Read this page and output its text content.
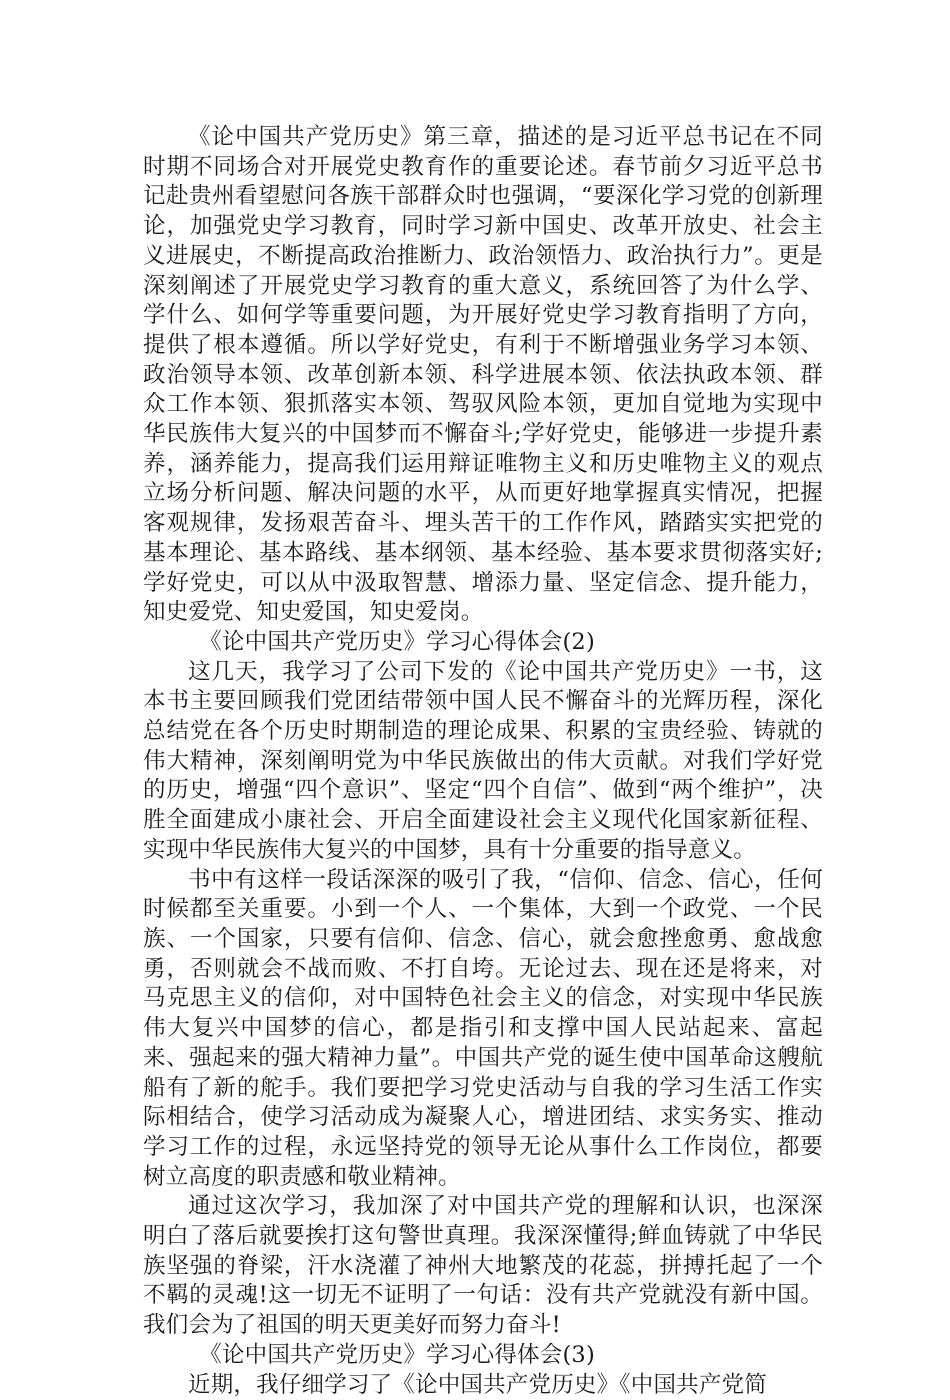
《论中国共产党历史》第三章，描述的是习近平总书记在不同时期不同场合对开展党史教育作的重要论述。春节前夕习近平总书记赴贵州看望慰问各族干部群众时也强调，“要深化学习党的创新理论，加强党史学习教育，同时学习新中国史、改革开放史、社会主义进展史，不断提高政治推断力、政治领悟力、政治执行力”。更是深刻阐述了开展党史学习教育的重大意义，系统回答了为什么学、学什么、如何学等重要问题，为开展好党史学习教育指明了方向，提供了根本遵循。所以学好党史，有利于不断增强业务学习本领、政治领导本领、改革创新本领、科学进展本领、依法执政本领、群众工作本领、狠抓落实本领、驾驭风险本领，更加自觉地为实现中华民族伟大复兴的中国梦而不懈奋斗;学好党史，能够进一步提升素养，涵养能力，提高我们运用辩证唯物主义和历史唯物主义的观点立场分析问题、解决问题的水平，从而更好地掌握真实情况，把握客观规律，发扬艰苦奋斗、埋头苦干的工作作风，踏踏实实把党的基本理论、基本路线、基本纲领、基本经验、基本要求贯彻落实好;学好党史，可以从中汲取智慧、增添力量、坚定信念、提升能力，知史爱党、知史爱国，知史爱岗。

《论中国共产党历史》学习心得体会(2)

这几天，我学习了公司下发的《论中国共产党历史》一书，这本书主要回顾我们党团结带领中国人民不懈奋斗的光辉历程，深化总结党在各个历史时期制造的理论成果、积累的宝贵经验、铸就的伟大精神，深刻阐明党为中华民族做出的伟大贡献。对我们学好党的历史，增强“四个意识”、坚定“四个自信”、做到“两个维护”，决胜全面建成小康社会、开启全面建设社会主义现代化国家新征程、实现中华民族伟大复兴的中国梦，具有十分重要的指导意义。

书中有这样一段话深深的吸引了我，“信仰、信念、信心，任何时候都至关重要。小到一个人、一个集体，大到一个政党、一个民族、一个国家，只要有信仰、信念、信心，就会愈挫愈勇、愈战愈勇，否则就会不战而败、不打自垮。无论过去、现在还是将来，对马克思主义的信仰，对中国特色社会主义的信念，对实现中华民族伟大复兴中国梦的信心，都是指引和支撑中国人民站起来、富起来、强起来的强大精神力量”。中国共产党的诞生使中国革命这艘航船有了新的舵手。我们要把学习党史活动与自我的学习生活工作实际相结合，使学习活动成为凝聚人心，增进团结、求实务实、推动学习工作的过程，永远坚持党的领导无论从事什么工作岗位，都要树立高度的职责感和敬业精神。

通过这次学习，我加深了对中国共产党的理解和认识，也深深明白了落后就要挨打这句警世真理。我深深懂得;鲜血铸就了中华民族坚强的脊梁，汗水浇灌了神州大地繁茂的花蕊，拼搏托起了一个不羁的灵魂!这一切无不证明了一句话：没有共产党就没有新中国。我们会为了祖国的明天更美好而努力奋斗!

《论中国共产党历史》学习心得体会(3)

近期，我仔细学习了《论中国共产党历史》《中国共产党简
